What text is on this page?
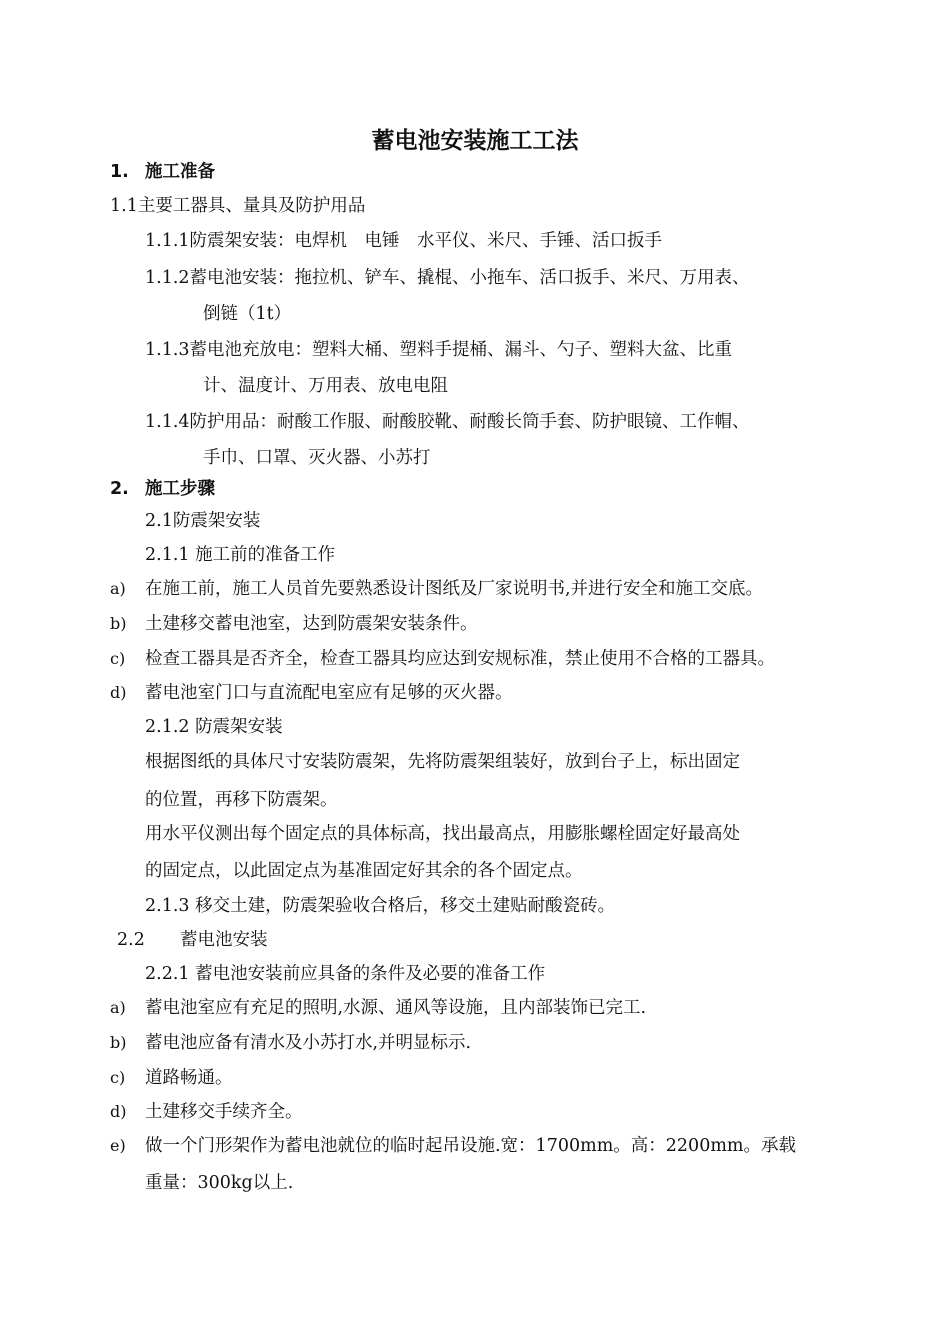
蓄电池安装施工工法
1. 施工准备
1.1主要工器具、量具及防护用品
1.1.1防震架安装：电焊机　电锤　水平仪、米尺、手锤、活口扳手
1.1.2蓄电池安装：拖拉机、铲车、撬棍、小拖车、活口扳手、米尺、万用表、
倒链（1t）
1.1.3蓄电池充放电：塑料大桶、塑料手提桶、漏斗、勺子、塑料大盆、比重
计、温度计、万用表、放电电阻
1.1.4防护用品：耐酸工作服、耐酸胶靴、耐酸长筒手套、防护眼镜、工作帽、
手巾、口罩、灭火器、小苏打
2. 施工步骤
2.1防震架安装
2.1.1 施工前的准备工作
a) 在施工前，施工人员首先要熟悉设计图纸及厂家说明书,并进行安全和施工交底。
b) 土建移交蓄电池室，达到防震架安装条件。
c) 检查工器具是否齐全，检查工器具均应达到安规标准，禁止使用不合格的工器具。
d) 蓄电池室门口与直流配电室应有足够的灭火器。
2.1.2 防震架安装
根据图纸的具体尺寸安装防震架，先将防震架组装好，放到台子上，标出固定
的位置，再移下防震架。
用水平仪测出每个固定点的具体标高，找出最高点，用膨胀螺栓固定好最高处
的固定点，以此固定点为基准固定好其余的各个固定点。
2.1.3 移交土建，防震架验收合格后，移交土建贴耐酸瓷砖。
2.2 蓄电池安装
2.2.1 蓄电池安装前应具备的条件及必要的准备工作
a) 蓄电池室应有充足的照明,水源、通风等设施，且内部装饰已完工.
b) 蓄电池应备有清水及小苏打水,并明显标示.
c) 道路畅通。
d) 土建移交手续齐全。
e) 做一个门形架作为蓄电池就位的临时起吊设施.宽：1700mm。高：2200mm。承载
重量：300kg以上.
